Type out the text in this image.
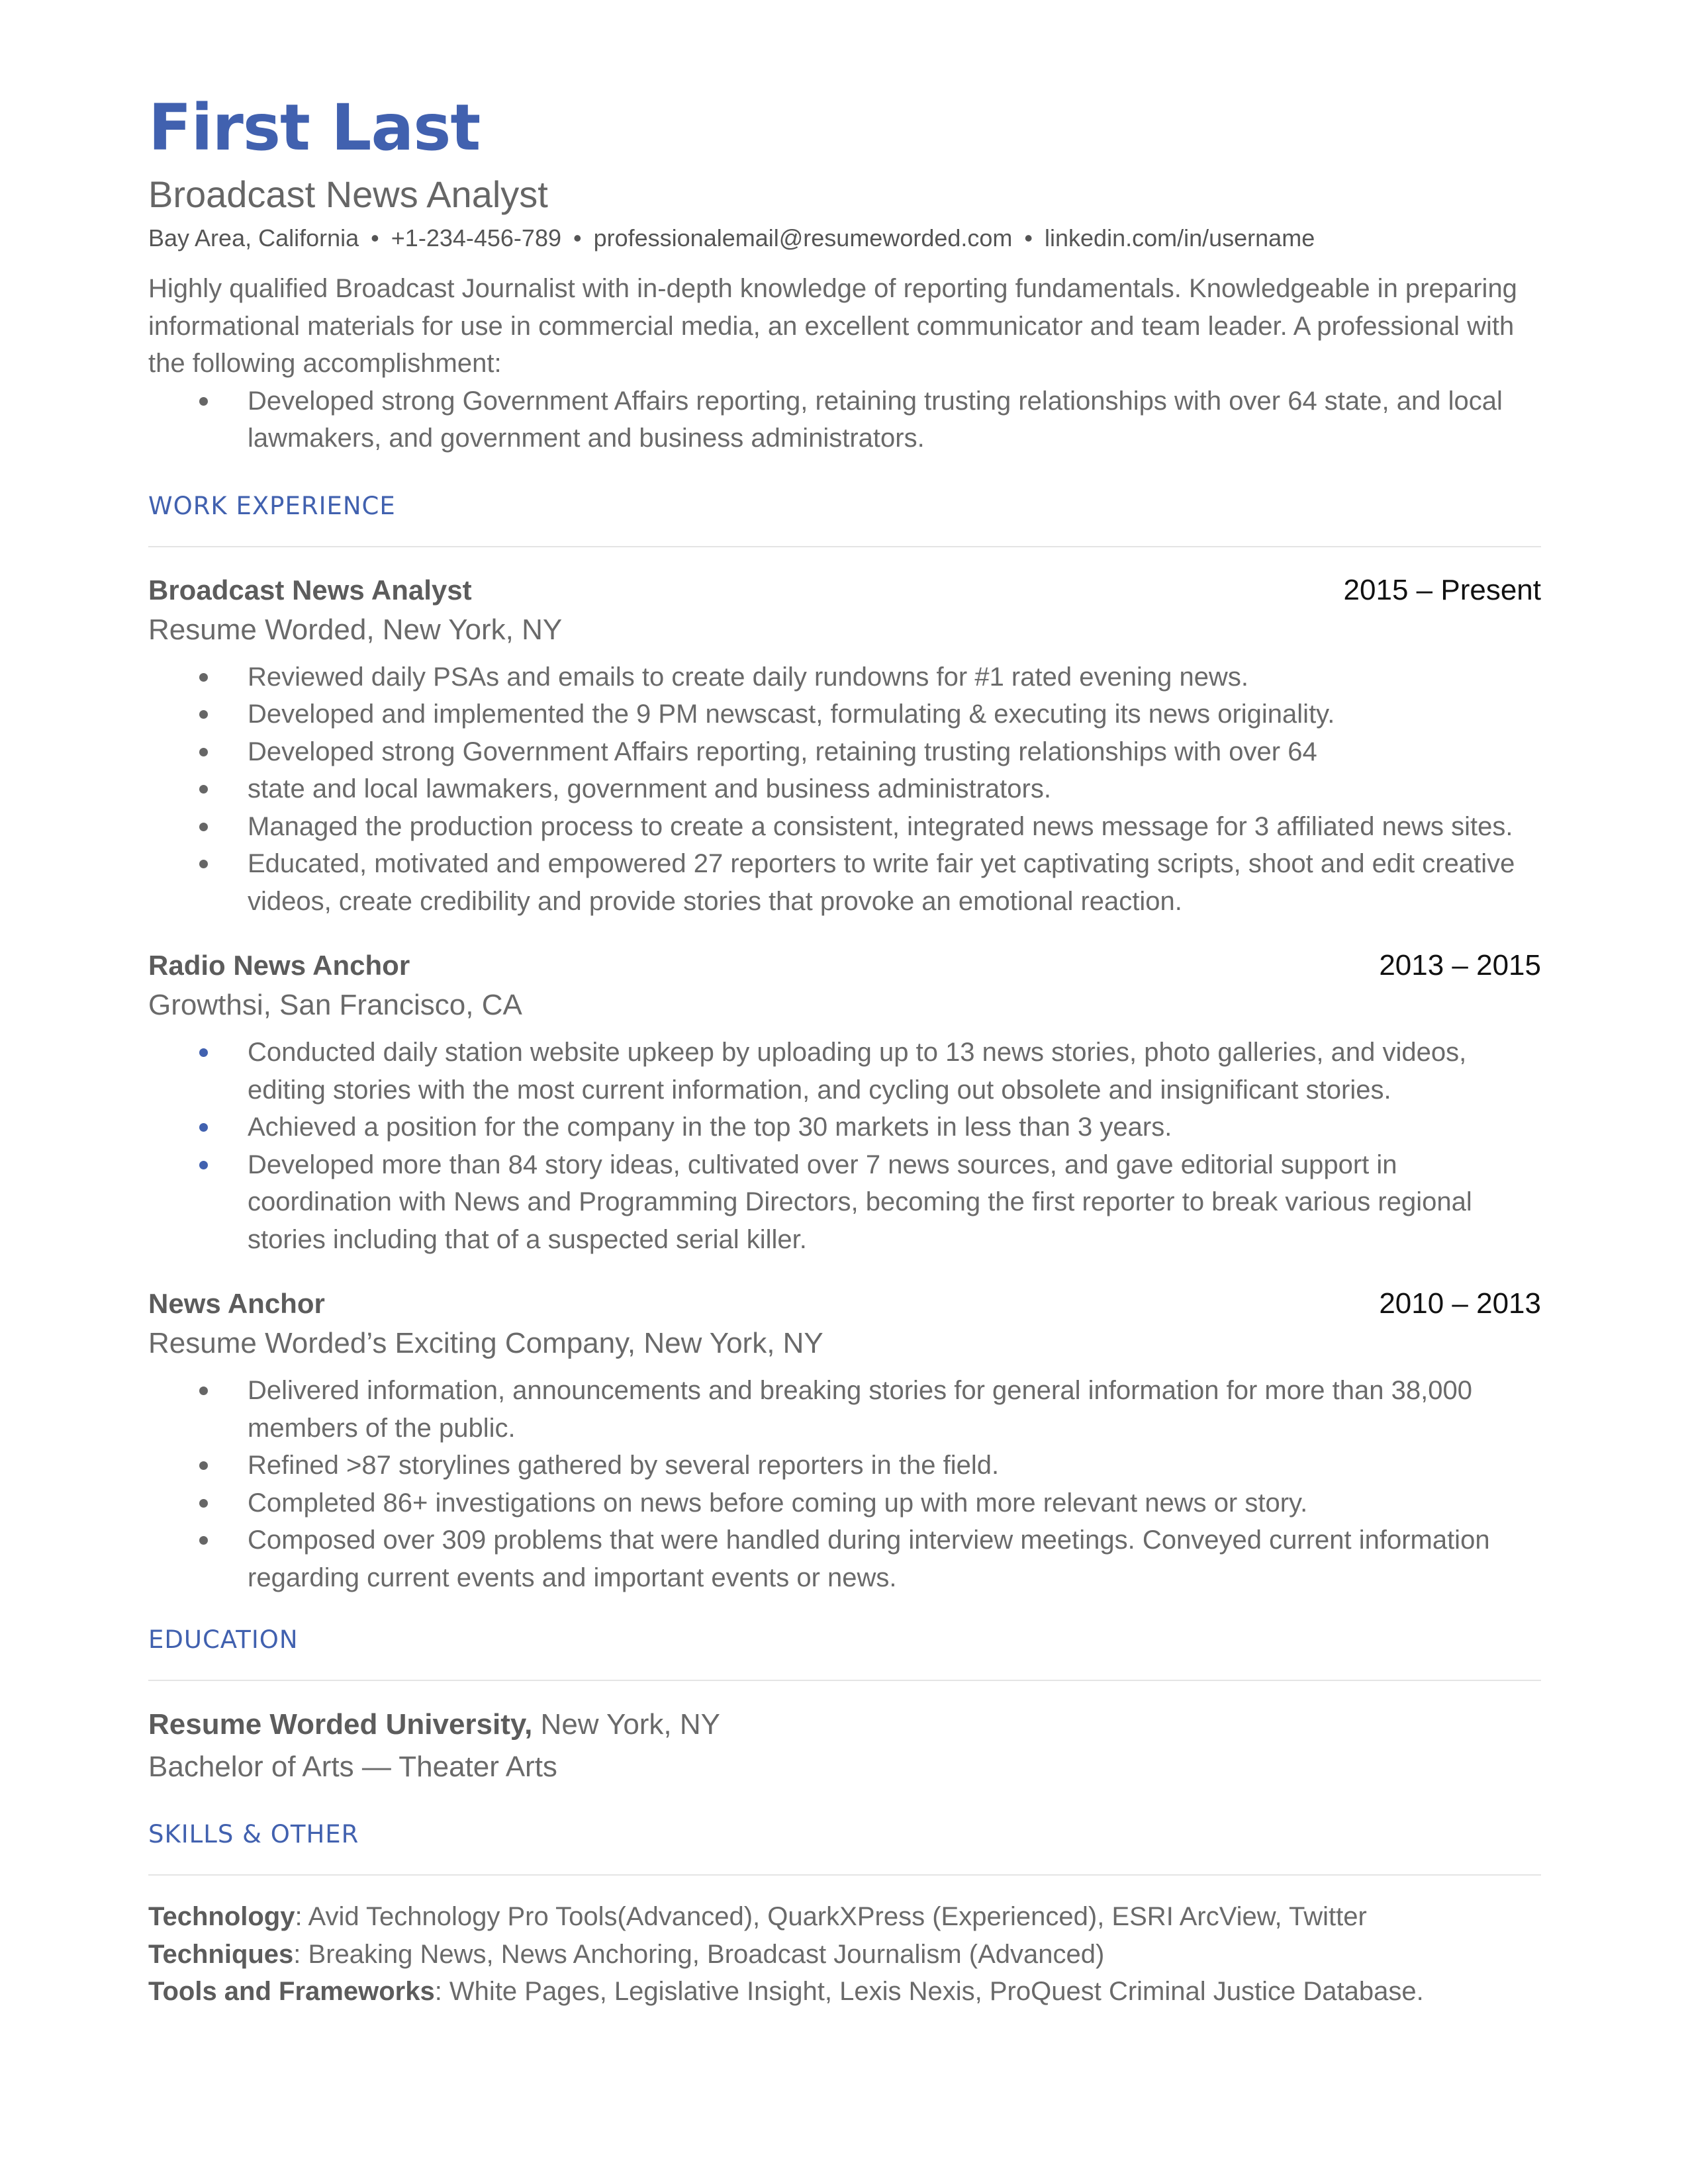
First Last
Broadcast News Analyst
Bay Area, California • +1-234-456-789 • professionalemail@resumeworded.com • linkedin.com/in/username
Highly qualified Broadcast Journalist with in-depth knowledge of reporting fundamentals. Knowledgeable in preparing informational materials for use in commercial media, an excellent communicator and team leader. A professional with the following accomplishment:
Developed strong Government Affairs reporting, retaining trusting relationships with over 64 state, and local lawmakers, and government and business administrators.
WORK EXPERIENCE
Broadcast News Analyst	2015 – Present
Resume Worded, New York, NY
Reviewed daily PSAs and emails to create daily rundowns for #1 rated evening news.
Developed and implemented the 9 PM newscast, formulating & executing its news originality.
Developed strong Government Affairs reporting, retaining trusting relationships with over 64
state and local lawmakers, government and business administrators.
Managed the production process to create a consistent, integrated news message for 3 affiliated news sites.
Educated, motivated and empowered 27 reporters to write fair yet captivating scripts, shoot and edit creative videos, create credibility and provide stories that provoke an emotional reaction.
Radio News Anchor	2013 – 2015
Growthsi, San Francisco, CA
Conducted daily station website upkeep by uploading up to 13 news stories, photo galleries, and videos, editing stories with the most current information, and cycling out obsolete and insignificant stories.
Achieved a position for the company in the top 30 markets in less than 3 years.
Developed more than 84 story ideas, cultivated over 7 news sources, and gave editorial support in coordination with News and Programming Directors, becoming the first reporter to break various regional stories including that of a suspected serial killer.
News Anchor	2010 – 2013
Resume Worded’s Exciting Company, New York, NY
Delivered information, announcements and breaking stories for general information for more than 38,000 members of the public.
Refined >87 storylines gathered by several reporters in the field.
Completed 86+ investigations on news before coming up with more relevant news or story.
Composed over 309 problems that were handled during interview meetings. Conveyed current information regarding current events and important events or news.
EDUCATION
Resume Worded University, New York, NY
Bachelor of Arts — Theater Arts
SKILLS & OTHER
Technology: Avid Technology Pro Tools(Advanced), QuarkXPress (Experienced), ESRI ArcView, Twitter
Techniques: Breaking News, News Anchoring, Broadcast Journalism (Advanced)
Tools and Frameworks: White Pages, Legislative Insight, Lexis Nexis, ProQuest Criminal Justice Database.
